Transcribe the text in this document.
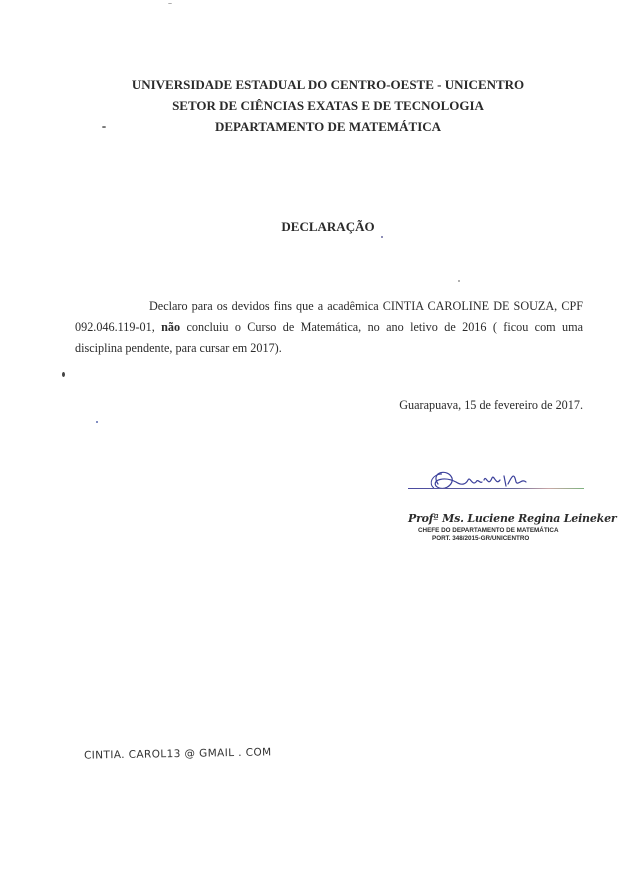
UNIVERSIDADE ESTADUAL DO CENTRO-OESTE - UNICENTRO
SETOR DE CIÊNCIAS EXATAS E DE TECNOLOGIA
DEPARTAMENTO DE MATEMÁTICA
DECLARAÇÃO
Declaro para os devidos fins que a acadêmica CINTIA CAROLINE DE SOUZA, CPF 092.046.119-01, não concluiu o Curso de Matemática, no ano letivo de 2016 ( ficou com uma disciplina pendente, para cursar em 2017).
Guarapuava, 15 de fevereiro de 2017.
Profª Ms. Luciene Regina Leineker
CHEFE DO DEPARTAMENTO DE MATEMÁTICA
PORT. 348/2015-GR/UNICENTRO
CINTIA. CAROL13 @ GMAIL . COM
